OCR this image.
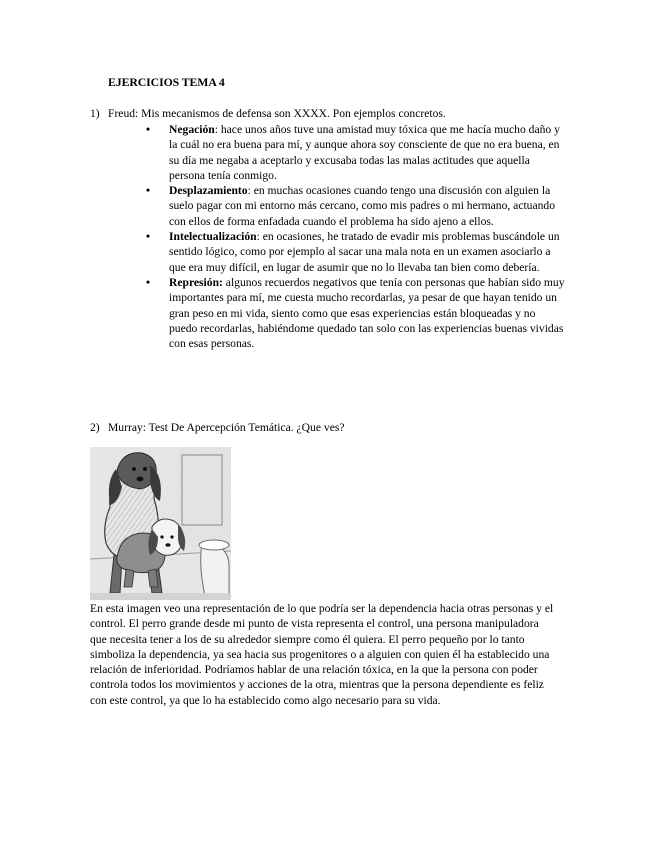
EJERCICIOS TEMA 4
1) Freud: Mis mecanismos de defensa son XXXX. Pon ejemplos concretos.
• Negación: hace unos años tuve una amistad muy tóxica que me hacía mucho daño y la cuál no era buena para mí, y aunque ahora soy consciente de que no era buena, en su día me negaba a aceptarlo y excusaba todas las malas actitudes que aquella persona tenía conmigo.
• Desplazamiento: en muchas ocasiones cuando tengo una discusión con alguien la suelo pagar con mi entorno más cercano, como mis padres o mi hermano, actuando con ellos de forma enfadada cuando el problema ha sido ajeno a ellos.
• Intelectualización: en ocasiones, he tratado de evadir mis problemas buscándole un sentido lógico, como por ejemplo al sacar una mala nota en un examen asociarlo a que era muy difícil, en lugar de asumir que no lo llevaba tan bien como debería.
• Represión: algunos recuerdos negativos que tenía con personas que habían sido muy importantes para mí, me cuesta mucho recordarlas, ya pesar de que hayan tenido un gran peso en mi vida, siento como que esas experiencias están bloqueadas y no puedo recordarlas, habiéndome quedado tan solo con las experiencias buenas vividas con esas personas.
2) Murray: Test De Apercepción Temática. ¿Que ves?
En esta imagen veo una representación de lo que podría ser la dependencia hacia otras personas y el control. El perro grande desde mi punto de vista representa el control, una persona manipuladora que necesita tener a los de su alrededor siempre como él quiera. El perro pequeño por lo tanto simboliza la dependencia, ya sea hacia sus progenitores o a alguien con quien él ha establecido una relación de inferioridad. Podríamos hablar de una relación tóxica, en la que la persona con poder controla todos los movimientos y acciones de la otra, mientras que la persona dependiente es feliz con este control, ya que lo ha establecido como algo necesario para su vida.
